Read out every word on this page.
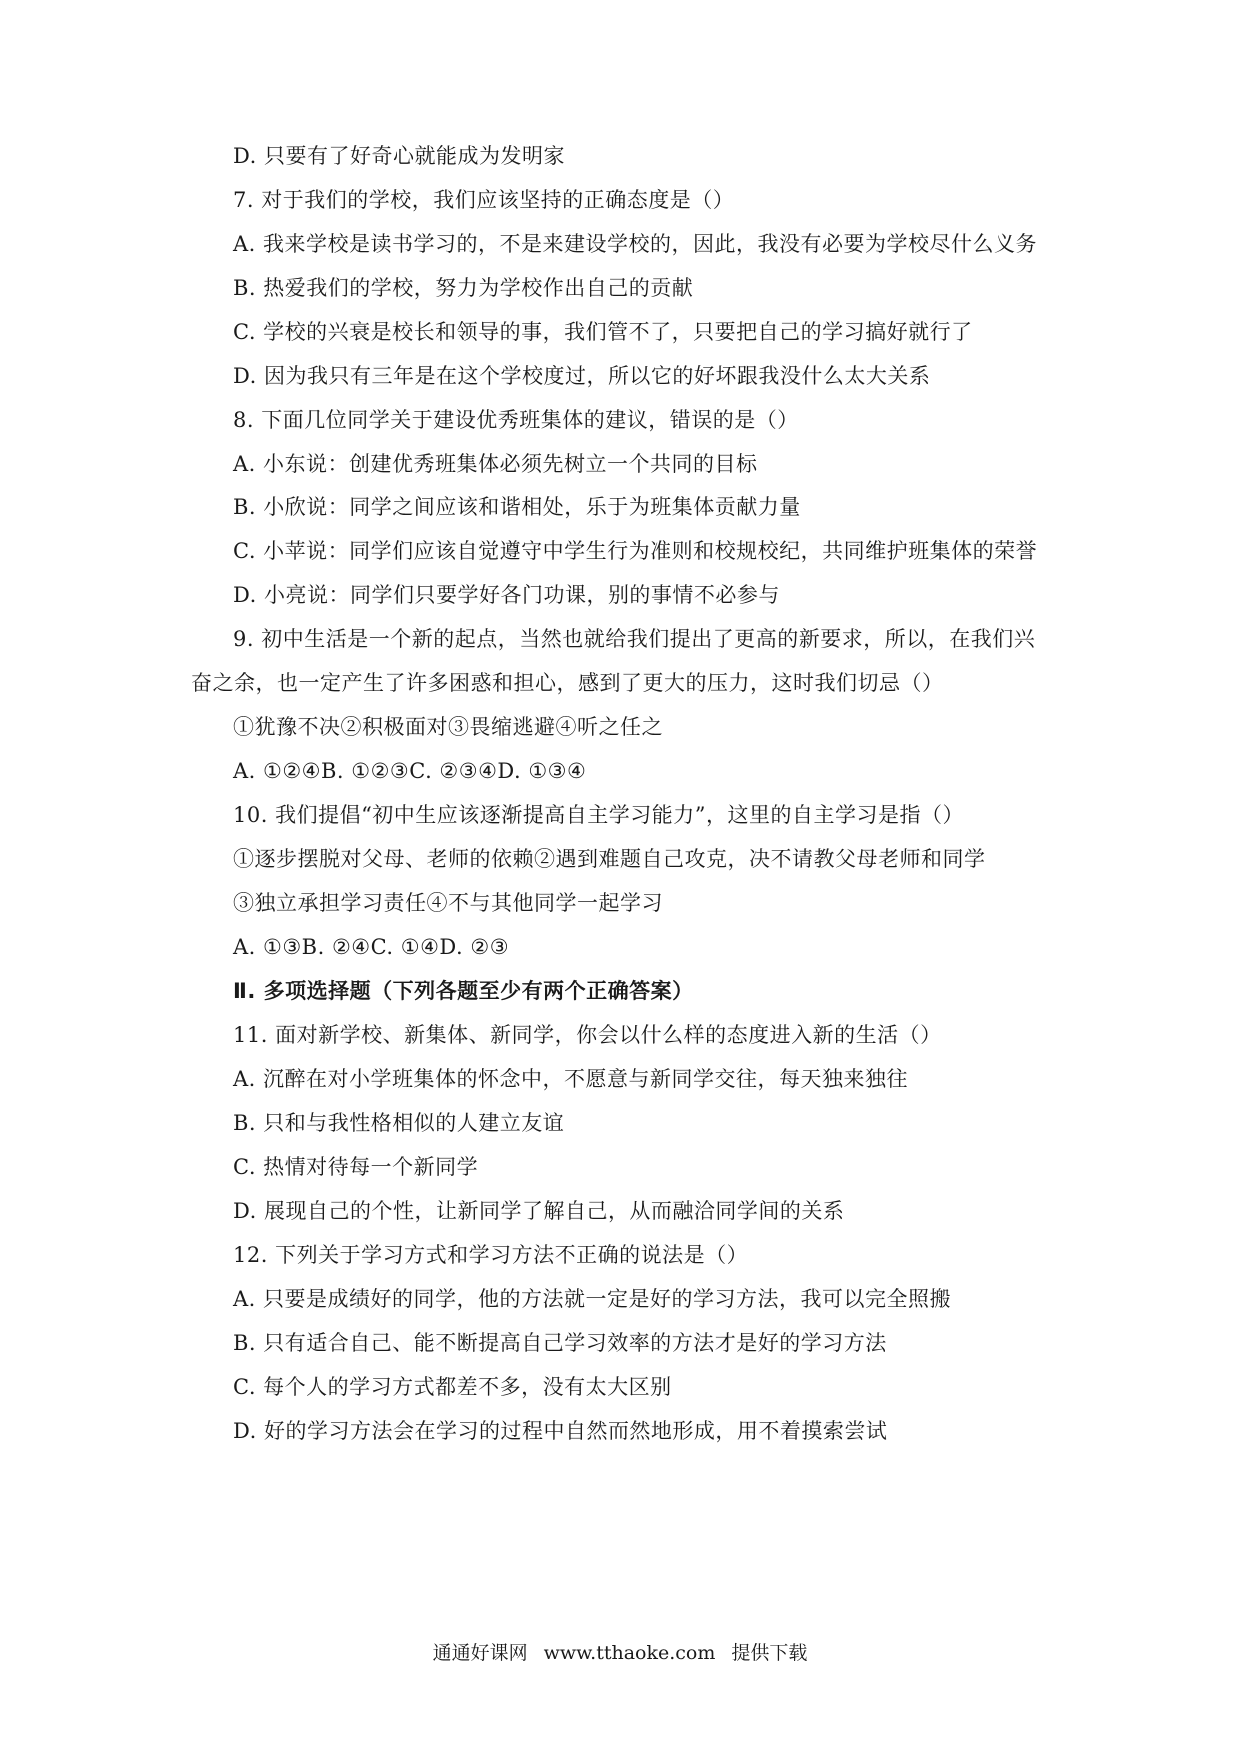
D. 只要有了好奇心就能成为发明家
7. 对于我们的学校，我们应该坚持的正确态度是（）
A. 我来学校是读书学习的，不是来建设学校的，因此，我没有必要为学校尽什么义务
B. 热爱我们的学校，努力为学校作出自己的贡献
C. 学校的兴衰是校长和领导的事，我们管不了，只要把自己的学习搞好就行了
D. 因为我只有三年是在这个学校度过，所以它的好坏跟我没什么太大关系
8. 下面几位同学关于建设优秀班集体的建议，错误的是（）
A. 小东说：创建优秀班集体必须先树立一个共同的目标
B. 小欣说：同学之间应该和谐相处，乐于为班集体贡献力量
C. 小苹说：同学们应该自觉遵守中学生行为准则和校规校纪，共同维护班集体的荣誉
D. 小亮说：同学们只要学好各门功课，别的事情不必参与
9. 初中生活是一个新的起点，当然也就给我们提出了更高的新要求，所以，在我们兴
奋之余，也一定产生了许多困惑和担心，感到了更大的压力，这时我们切忌（）
①犹豫不决②积极面对③畏缩逃避④听之任之
A. ①②④B. ①②③C. ②③④D. ①③④
10. 我们提倡“初中生应该逐渐提高自主学习能力”，这里的自主学习是指（）
①逐步摆脱对父母、老师的依赖②遇到难题自己攻克，决不请教父母老师和同学
③独立承担学习责任④不与其他同学一起学习
A. ①③B. ②④C. ①④D. ②③
Ⅱ. 多项选择题（下列各题至少有两个正确答案）
11. 面对新学校、新集体、新同学，你会以什么样的态度进入新的生活（）
A. 沉醉在对小学班集体的怀念中，不愿意与新同学交往，每天独来独往
B. 只和与我性格相似的人建立友谊
C. 热情对待每一个新同学
D. 展现自己的个性，让新同学了解自己，从而融洽同学间的关系
12. 下列关于学习方式和学习方法不正确的说法是（）
A. 只要是成绩好的同学，他的方法就一定是好的学习方法，我可以完全照搬
B. 只有适合自己、能不断提高自己学习效率的方法才是好的学习方法
C. 每个人的学习方式都差不多，没有太大区别
D. 好的学习方法会在学习的过程中自然而然地形成，用不着摸索尝试
通通好课网 www.tthaoke.com 提供下载
